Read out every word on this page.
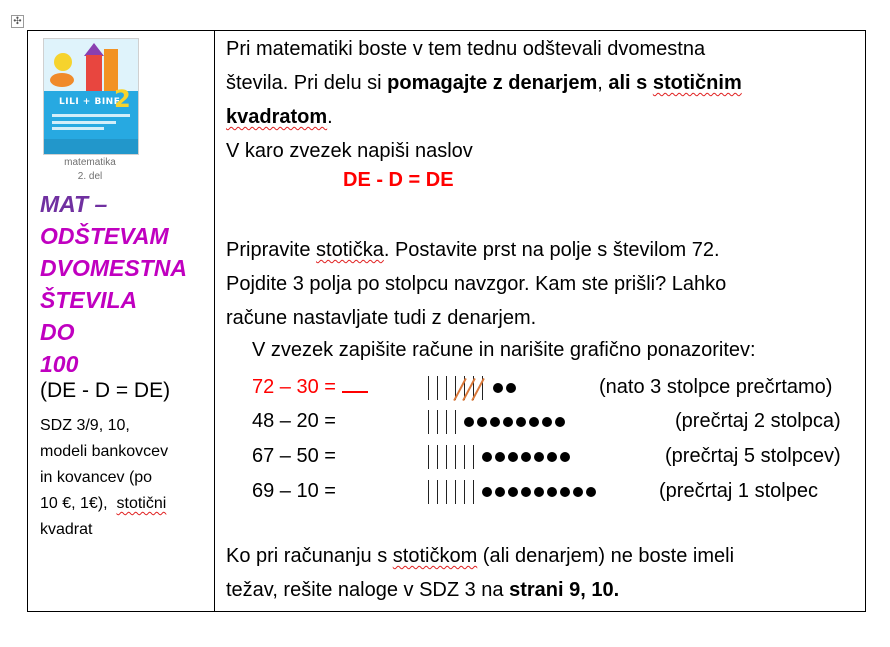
✣
LILI + BINE
2
matematika
2. del
MAT –
ODŠTEVAM
DVOMESTNA
ŠTEVILA
DO
100
(DE - D = DE)
SDZ 3/9, 10,
modeli bankovcev
in kovancev (po
10 €, 1€), stotični
kvadrat
Pri matematiki boste v tem tednu odštevali dvomestna
števila. Pri delu si pomagajte z denarjem, ali s stotičnim
kvadratom.
V karo zvezek napiši naslov
DE - D = DE
Pripravite stotička. Postavite prst na polje s številom 72.
Pojdite 3 polja po stolpcu navzgor. Kam ste prišli? Lahko
račune nastavljate tudi z denarjem.
V zvezek zapišite račune in narišite grafično ponazoritev:
72 – 30 =	(nato 3 stolpce prečrtamo)
48 – 20 =	(prečrtaj 2 stolpca)
67 – 50 =	(prečrtaj 5 stolpcev)
69 – 10 =	(prečrtaj 1 stolpec
Ko pri računanju s stotičkom (ali denarjem) ne boste imeli
težav, rešite naloge v SDZ 3 na strani 9, 10.
